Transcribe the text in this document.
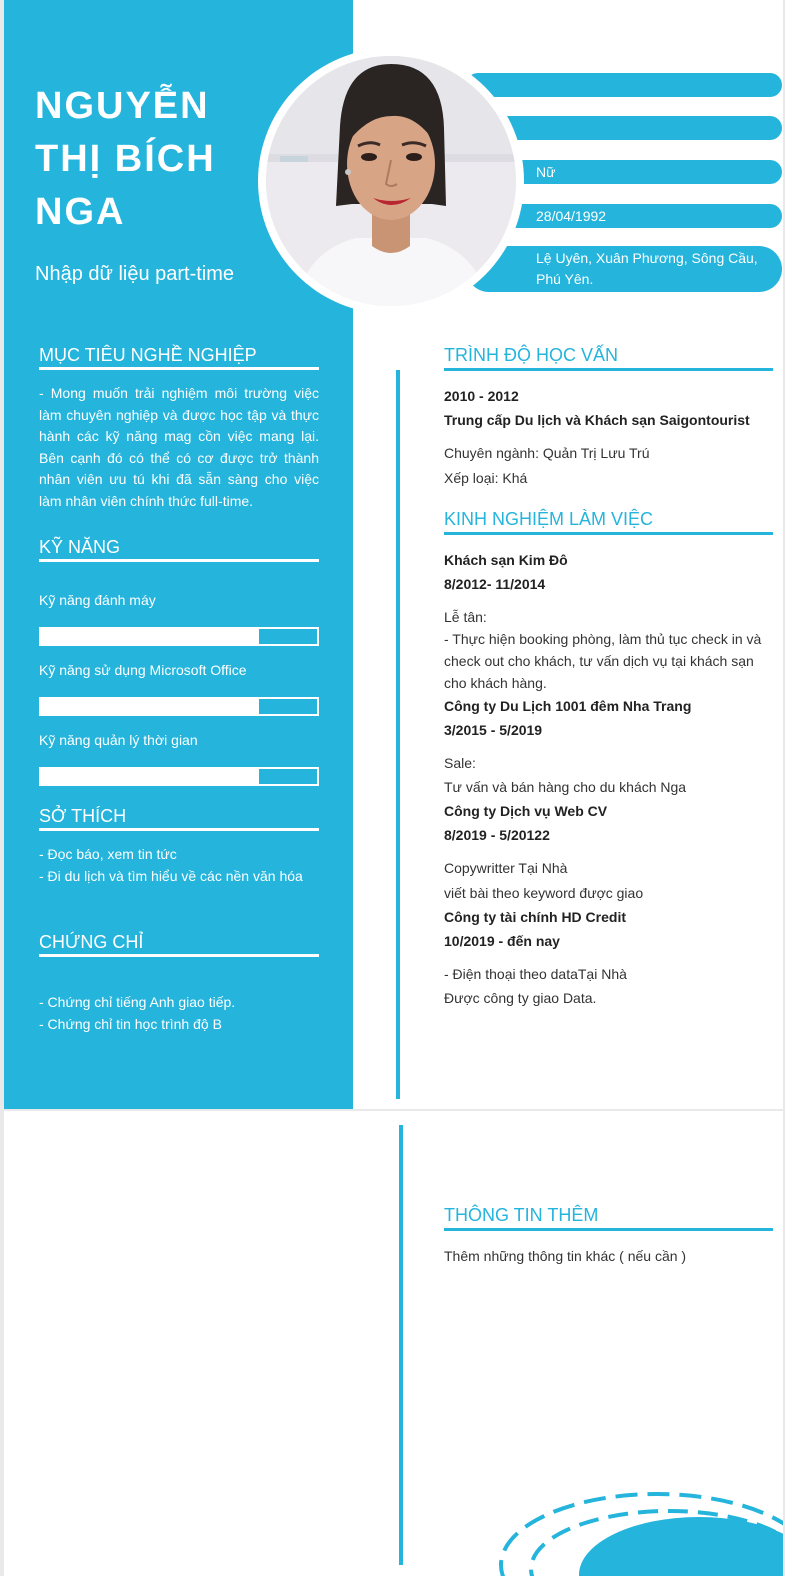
NGUYỄN
THỊ BÍCH
NGA
Nhập dữ liệu part-time
Nữ
28/04/1992
Lệ Uyên, Xuân Phương, Sông Cầu, Phú Yên.
MỤC TIÊU NGHỀ NGHIỆP
- Mong muốn trải nghiệm môi trường việc làm chuyên nghiệp và được học tập và thực hành các kỹ năng mag cồn việc mang lại. Bên cạnh đó có thể có cơ được trở thành nhân viên ưu tú khi đã sẵn sàng cho việc làm nhân viên chính thức full-time.
KỸ NĂNG
Kỹ năng đánh máy
Kỹ năng sử dụng Microsoft Office
Kỹ năng quản lý thời gian
SỞ THÍCH
- Đọc báo, xem tin tức
- Đi du lịch và tìm hiểu về các nền văn hóa
CHỨNG CHỈ
- Chứng chỉ tiếng Anh giao tiếp.
- Chứng chỉ tin học trình độ B
TRÌNH ĐỘ HỌC VẤN
2010 - 2012
Trung cấp Du lịch và Khách sạn Saigontourist
Chuyên ngành: Quản Trị Lưu Trú
Xếp loại: Khá
KINH NGHIỆM LÀM VIỆC
Khách sạn Kim Đô
8/2012- 11/2014
Lễ tân:
- Thực hiện booking phòng, làm thủ tục check in và check out cho khách, tư vấn dịch vụ tại khách sạn cho khách hàng.
Công ty Du Lịch 1001 đêm Nha Trang
3/2015 - 5/2019
Sale:
Tư vấn và bán hàng cho du khách Nga
Công ty Dịch vụ Web CV
8/2019 - 5/20122
Copywritter Tại Nhà
viết bài theo keyword được giao
Công ty tài chính HD Credit
10/2019 - đến nay
- Điện thoại theo dataTại Nhà
Được công ty giao Data.
THÔNG TIN THÊM
Thêm những thông tin khác ( nếu cần )
